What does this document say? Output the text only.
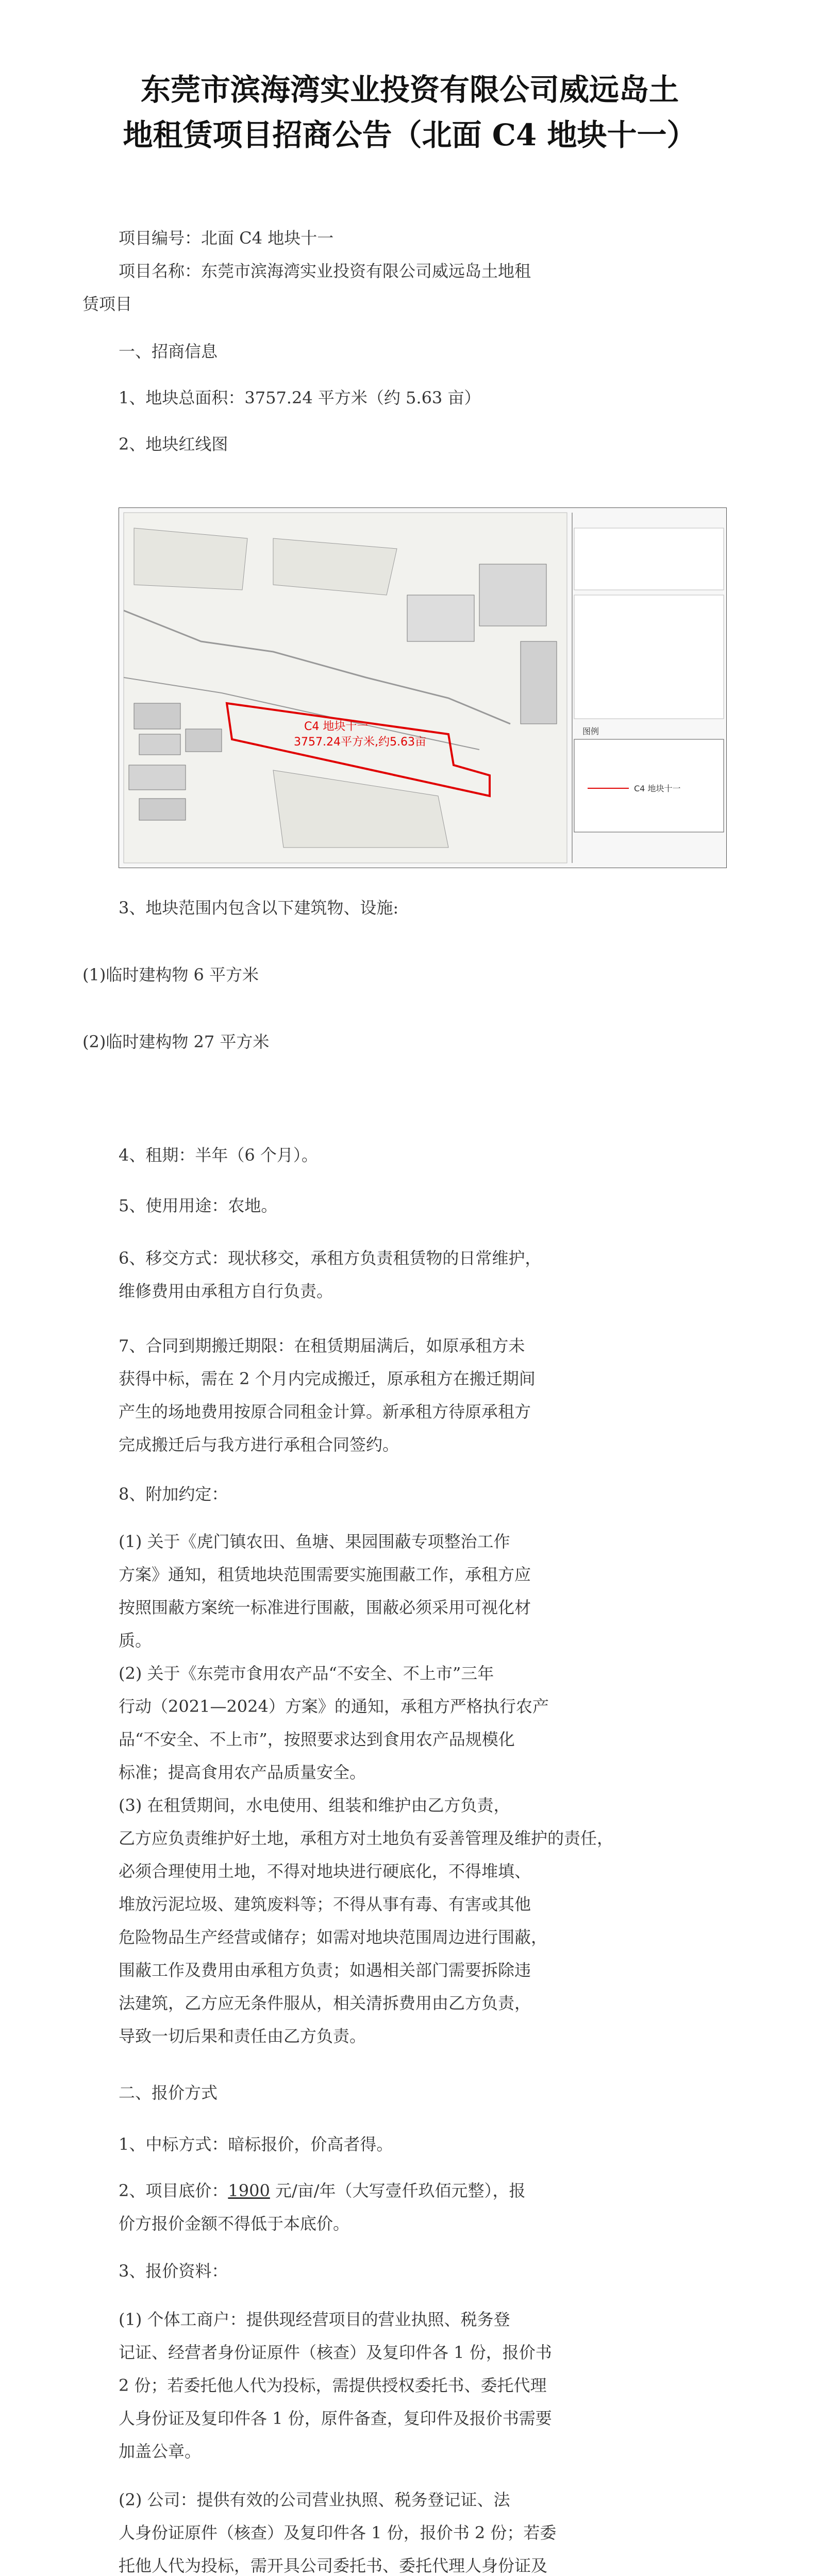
东莞市滨海湾实业投资有限公司威远岛土
地租赁项目招商公告（北面 C4 地块十一）

项目编号：北面 C4 地块十一

项目名称：东莞市滨海湾实业投资有限公司威远岛土地租

赁项目

一、招商信息

1、地块总面积：3757.24 平方米（约 5.63 亩）

2、地块红线图

C4 地块十一
3757.24平方米,约5.63亩
图例
C4 地块十一

3、地块范围内包含以下建筑物、设施:

(1)临时建构物 6 平方米

(2)临时建构物 27 平方米

4、租期：半年（6 个月）。

5、使用用途：农地。

6、移交方式：现状移交，承租方负责租赁物的日常维护，

维修费用由承租方自行负责。

7、合同到期搬迁期限：在租赁期届满后，如原承租方未

获得中标，需在 2 个月内完成搬迁，原承租方在搬迁期间

产生的场地费用按原合同租金计算。新承租方待原承租方

完成搬迁后与我方进行承租合同签约。

8、附加约定：

(1) 关于《虎门镇农田、鱼塘、果园围蔽专项整治工作

方案》通知，租赁地块范围需要实施围蔽工作，承租方应

按照围蔽方案统一标准进行围蔽，围蔽必须采用可视化材

质。

(2) 关于《东莞市食用农产品“不安全、不上市”三年

行动（2021—2024）方案》的通知，承租方严格执行农产

品“不安全、不上市”，按照要求达到食用农产品规模化

标准；提高食用农产品质量安全。

(3) 在租赁期间，水电使用、组装和维护由乙方负责，

乙方应负责维护好土地，承租方对土地负有妥善管理及维护的责任，

必须合理使用土地，不得对地块进行硬底化，不得堆填、

堆放污泥垃圾、建筑废料等；不得从事有毒、有害或其他

危险物品生产经营或储存；如需对地块范围周边进行围蔽，

围蔽工作及费用由承租方负责；如遇相关部门需要拆除违

法建筑，乙方应无条件服从，相关清拆费用由乙方负责，

导致一切后果和责任由乙方负责。

二、报价方式

1、中标方式：暗标报价，价高者得。

2、项目底价：1900 元/亩/年（大写壹仟玖佰元整），报

价方报价金额不得低于本底价。

3、报价资料：

(1) 个体工商户：提供现经营项目的营业执照、税务登

记证、经营者身份证原件（核查）及复印件各 1 份，报价书

2 份；若委托他人代为投标，需提供授权委托书、委托代理

人身份证及复印件各 1 份，原件备查，复印件及报价书需要

加盖公章。

(2) 公司：提供有效的公司营业执照、税务登记证、法

人身份证原件（核查）及复印件各 1 份，报价书 2 份；若委

托他人代为投标，需开具公司委托书、委托代理人身份证及
